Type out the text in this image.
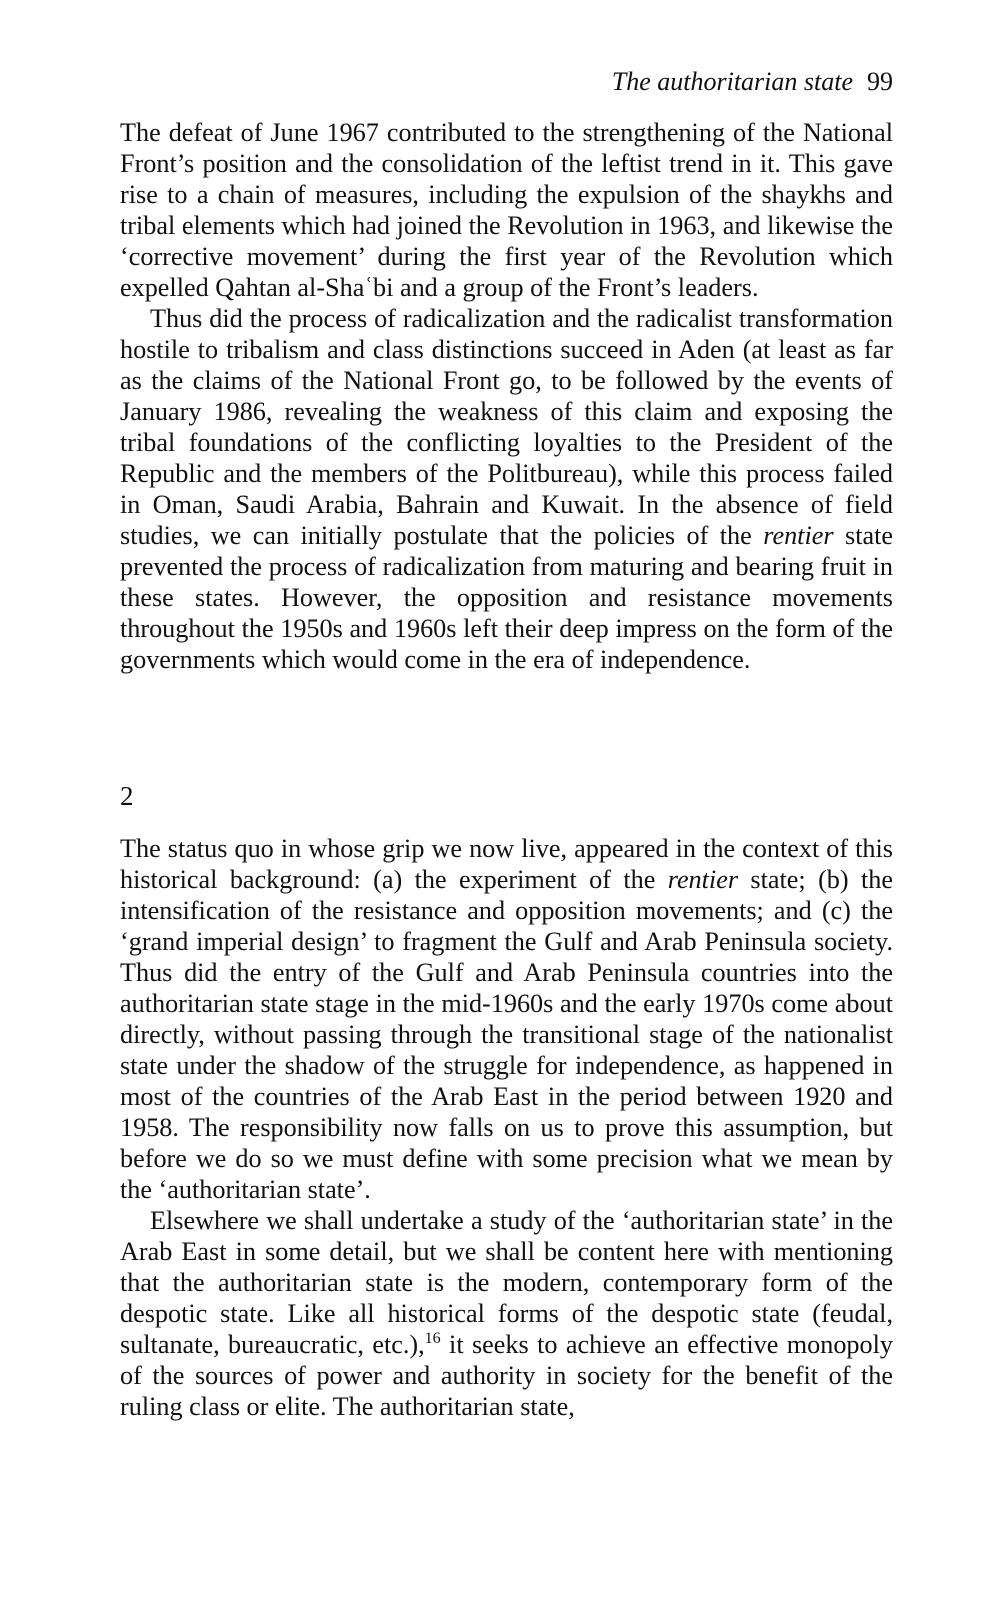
The authoritarian state 99

The defeat of June 1967 contributed to the strengthening of the National Front’s position and the consolidation of the leftist trend in it. This gave rise to a chain of measures, including the expulsion of the shaykhs and tribal elements which had joined the Revolution in 1963, and likewise the ‘corrective movement’ during the first year of the Revolution which expelled Qahtan al-Shaʿbi and a group of the Front’s leaders.

Thus did the process of radicalization and the radicalist transformation hostile to tribalism and class distinctions succeed in Aden (at least as far as the claims of the National Front go, to be followed by the events of January 1986, revealing the weakness of this claim and exposing the tribal foundations of the conflicting loyalties to the President of the Republic and the members of the Politbureau), while this process failed in Oman, Saudi Arabia, Bahrain and Kuwait. In the absence of field studies, we can initially postulate that the policies of the rentier state prevented the process of radicalization from maturing and bearing fruit in these states. However, the opposition and resistance movements throughout the 1950s and 1960s left their deep impress on the form of the governments which would come in the era of independence.

2

The status quo in whose grip we now live, appeared in the context of this historical background: (a) the experiment of the rentier state; (b) the intensification of the resistance and opposition movements; and (c) the ‘grand imperial design’ to fragment the Gulf and Arab Peninsula society. Thus did the entry of the Gulf and Arab Peninsula countries into the authoritarian state stage in the mid-1960s and the early 1970s come about directly, without passing through the transitional stage of the nationalist state under the shadow of the struggle for independence, as happened in most of the countries of the Arab East in the period between 1920 and 1958. The responsibility now falls on us to prove this assumption, but before we do so we must define with some precision what we mean by the ‘authoritarian state’.

Elsewhere we shall undertake a study of the ‘authoritarian state’ in the Arab East in some detail, but we shall be content here with mentioning that the authoritarian state is the modern, contemporary form of the despotic state. Like all historical forms of the despotic state (feudal, sultanate, bureaucratic, etc.),$^{16}$ it seeks to achieve an effective monopoly of the sources of power and authority in society for the benefit of the ruling class or elite. The authoritarian state,
